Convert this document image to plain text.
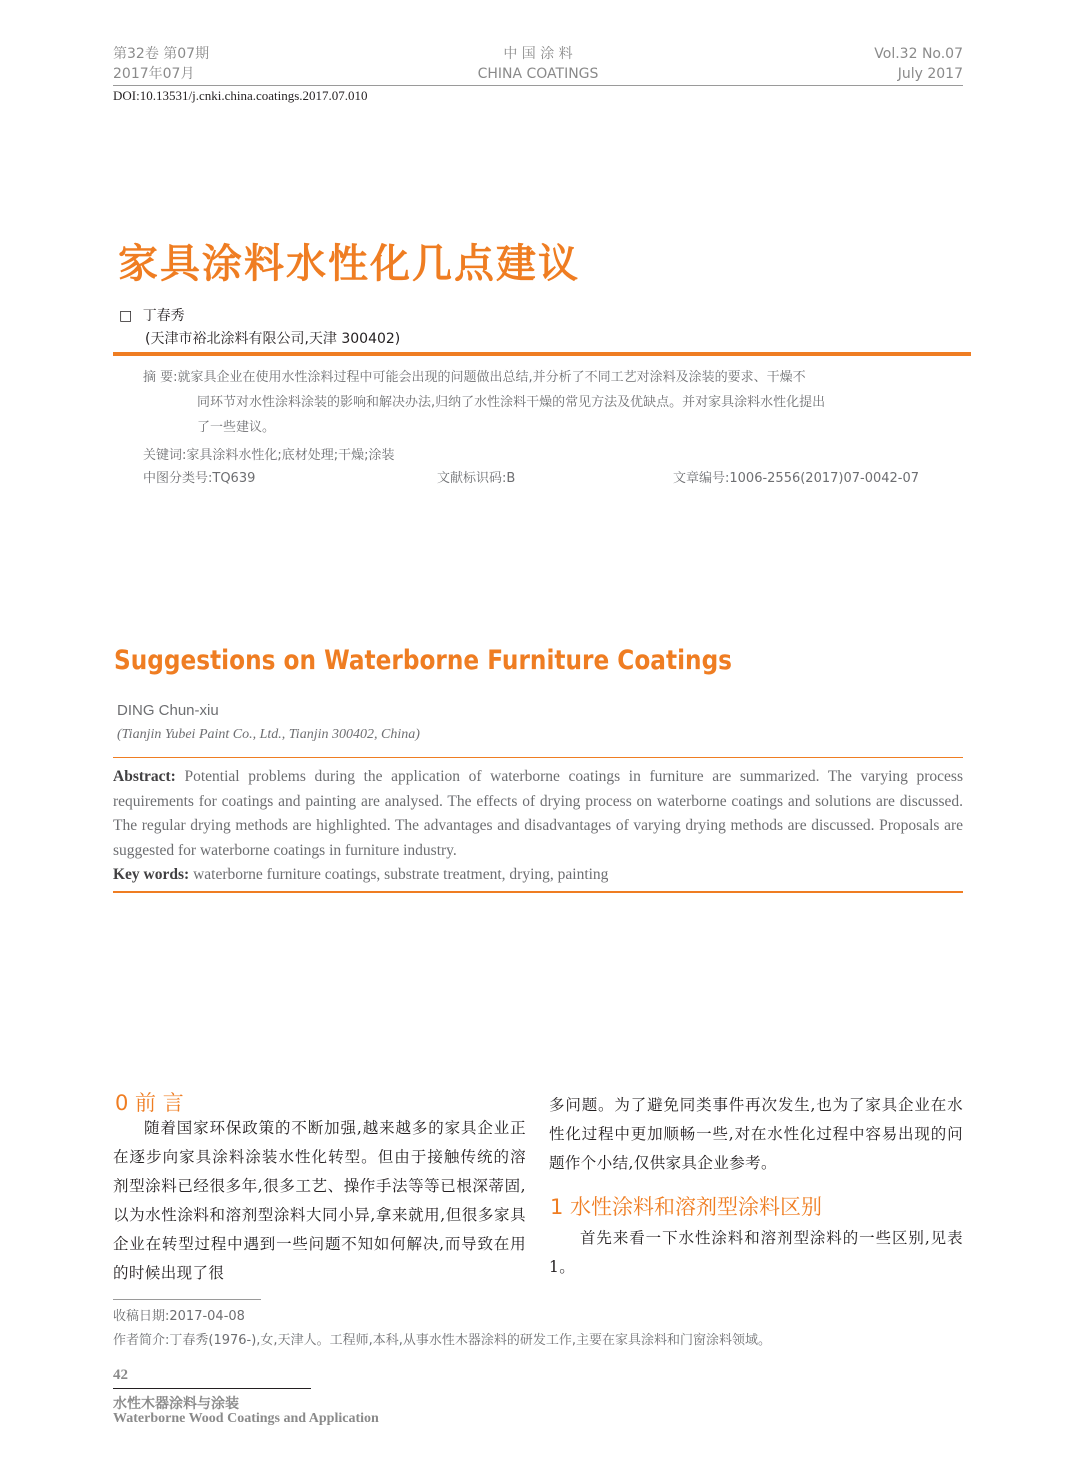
第32卷 第07期
2017年07月
中 国 涂 料
CHINA COATINGS
Vol.32 No.07
July 2017
DOI:10.13531/j.cnki.china.coatings.2017.07.010
家具涂料水性化几点建议
□ 丁春秀
(天津市裕北涂料有限公司,天津 300402)
摘 要:就家具企业在使用水性涂料过程中可能会出现的问题做出总结,并分析了不同工艺对涂料及涂装的要求、干燥不
同环节对水性涂料涂装的影响和解决办法,归纳了水性涂料干燥的常见方法及优缺点。并对家具涂料水性化提出
了一些建议。
关键词:家具涂料水性化;底材处理;干燥;涂装
中图分类号:TQ639	文献标识码:B	文章编号:1006-2556(2017)07-0042-07
Suggestions on Waterborne Furniture Coatings
DING Chun-xiu
(Tianjin Yubei Paint Co., Ltd., Tianjin 300402, China)
Abstract: Potential problems during the application of waterborne coatings in furniture are summarized. The varying process requirements for coatings and painting are analysed. The effects of drying process on waterborne coatings and solutions are discussed. The regular drying methods are highlighted. The advantages and disadvantages of varying drying methods are discussed. Proposals are suggested for waterborne coatings in furniture industry.
Key words: waterborne furniture coatings, substrate treatment, drying, painting
0 前 言
随着国家环保政策的不断加强,越来越多的家具企业正在逐步向家具涂料涂装水性化转型。但由于接触传统的溶剂型涂料已经很多年,很多工艺、操作手法等等已根深蒂固,以为水性涂料和溶剂型涂料大同小异,拿来就用,但很多家具企业在转型过程中遇到一些问题不知如何解决,而导致在用的时候出现了很
多问题。为了避免同类事件再次发生,也为了家具企业在水性化过程中更加顺畅一些,对在水性化过程中容易出现的问题作个小结,仅供家具企业参考。
1 水性涂料和溶剂型涂料区别
首先来看一下水性涂料和溶剂型涂料的一些区别,见表1。
收稿日期:2017-04-08
作者简介:丁春秀(1976-),女,天津人。工程师,本科,从事水性木器涂料的研发工作,主要在家具涂料和门窗涂料领域。
42
水性木器涂料与涂装
Waterborne Wood Coatings and Application
